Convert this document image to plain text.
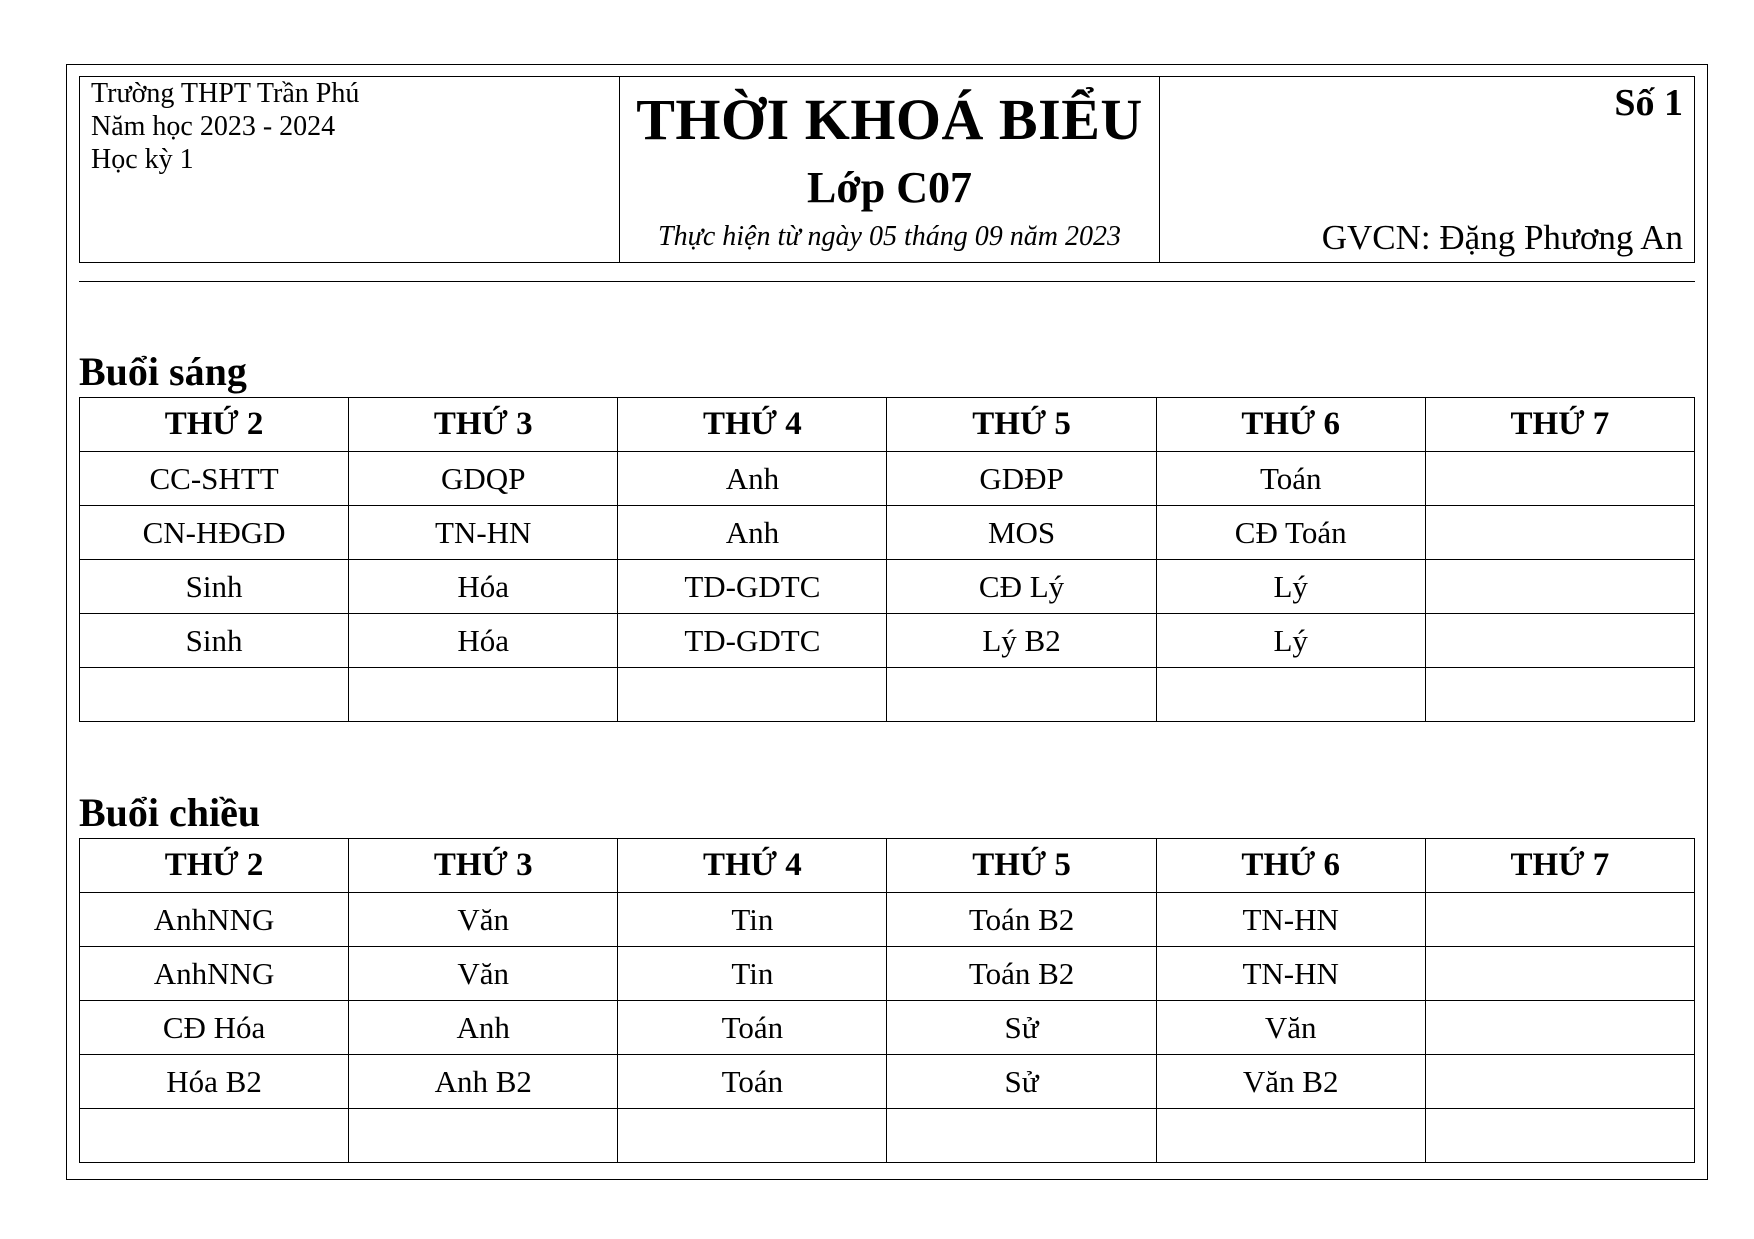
Trường THPT Trần Phú
Năm học 2023 - 2024
Học kỳ 1
THỜI KHOÁ BIỂU
Lớp C07
Thực hiện từ ngày 05 tháng 09 năm 2023
Số 1
GVCN: Đặng Phương An
Buổi sáng
THỨ 2	THỨ 3	THỨ 4	THỨ 5	THỨ 6	THỨ 7
CC-SHTT	GDQP	Anh	GDĐP	Toán	
CN-HĐGD	TN-HN	Anh	MOS	CĐ Toán	
Sinh	Hóa	TD-GDTC	CĐ Lý	Lý	
Sinh	Hóa	TD-GDTC	Lý B2	Lý	

Buổi chiều
THỨ 2	THỨ 3	THỨ 4	THỨ 5	THỨ 6	THỨ 7
AnhNNG	Văn	Tin	Toán B2	TN-HN	
AnhNNG	Văn	Tin	Toán B2	TN-HN	
CĐ Hóa	Anh	Toán	Sử	Văn	
Hóa B2	Anh B2	Toán	Sử	Văn B2	
